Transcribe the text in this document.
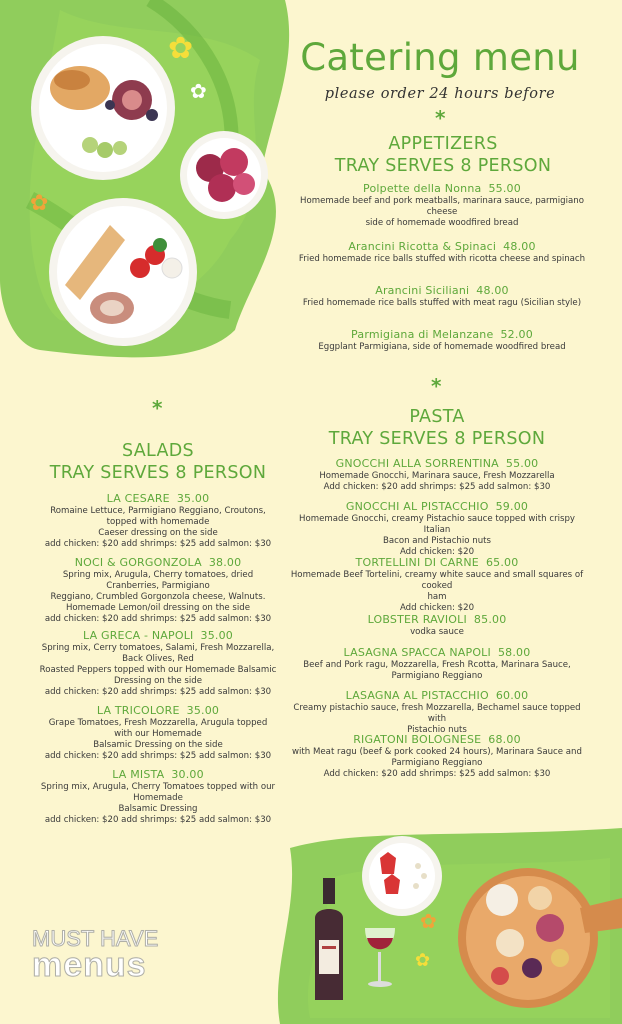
✿
✿
✿
✿
✿
Catering menu
please order 24 hours before
*
APPETIZERS
TRAY SERVES 8 PERSON
Polpette della Nonna 55.00
Homemade beef and pork meatballs, marinara sauce, parmigiano cheese
side of homemade woodfired bread
Arancini Ricotta & Spinaci 48.00
Fried homemade rice balls stuffed with ricotta cheese and spinach
Arancini Siciliani 48.00
Fried homemade rice balls stuffed with meat ragu (Sicilian style)
Parmigiana di Melanzane 52.00
Eggplant Parmigiana, side of homemade woodfired bread
*
PASTA
TRAY SERVES 8 PERSON
GNOCCHI ALLA SORRENTINA 55.00
Homemade Gnocchi, Marinara sauce, Fresh Mozzarella
Add chicken: $20 add shrimps: $25 add salmon: $30
GNOCCHI AL PISTACCHIO 59.00
Homemade Gnocchi, creamy Pistachio sauce topped with crispy Italian
Bacon and Pistachio nuts
Add chicken: $20
TORTELLINI DI CARNE 65.00
Homemade Beef Tortelini, creamy white sauce and small squares of cooked
ham
Add chicken: $20
LOBSTER RAVIOLI 85.00
vodka sauce
LASAGNA SPACCA NAPOLI 58.00
Beef and Pork ragu, Mozzarella, Fresh Rcotta, Marinara Sauce,
Parmigiano Reggiano
LASAGNA AL PISTACCHIO 60.00
Creamy pistachio sauce, fresh Mozzarella, Bechamel sauce topped with
Pistachio nuts
RIGATONI BOLOGNESE 68.00
with Meat ragu (beef & pork cooked 24 hours), Marinara Sauce and
Parmigiano Reggiano
Add chicken: $20 add shrimps: $25 add salmon: $30
*
SALADS
TRAY SERVES 8 PERSON
LA CESARE 35.00
Romaine Lettuce, Parmigiano Reggiano, Croutons,
topped with homemade
Caeser dressing on the side
add chicken: $20 add shrimps: $25 add salmon: $30
NOCI & GORGONZOLA 38.00
Spring mix, Arugula, Cherry tomatoes, dried
Cranberries, Parmigiano
Reggiano, Crumbled Gorgonzola cheese, Walnuts.
Homemade Lemon/oil dressing on the side
add chicken: $20 add shrimps: $25 add salmon: $30
LA GRECA - NAPOLI 35.00
Spring mix, Cerry tomatoes, Salami, Fresh Mozzarella,
Back Olives, Red
Roasted Peppers topped with our Homemade Balsamic
Dressing on the side
add chicken: $20 add shrimps: $25 add salmon: $30
LA TRICOLORE 35.00
Grape Tomatoes, Fresh Mozzarella, Arugula topped
with our Homemade
Balsamic Dressing on the side
add chicken: $20 add shrimps: $25 add salmon: $30
LA MISTA 30.00
Spring mix, Arugula, Cherry Tomatoes topped with our
Homemade
Balsamic Dressing
add chicken: $20 add shrimps: $25 add salmon: $30
MUST HAVE
menus
